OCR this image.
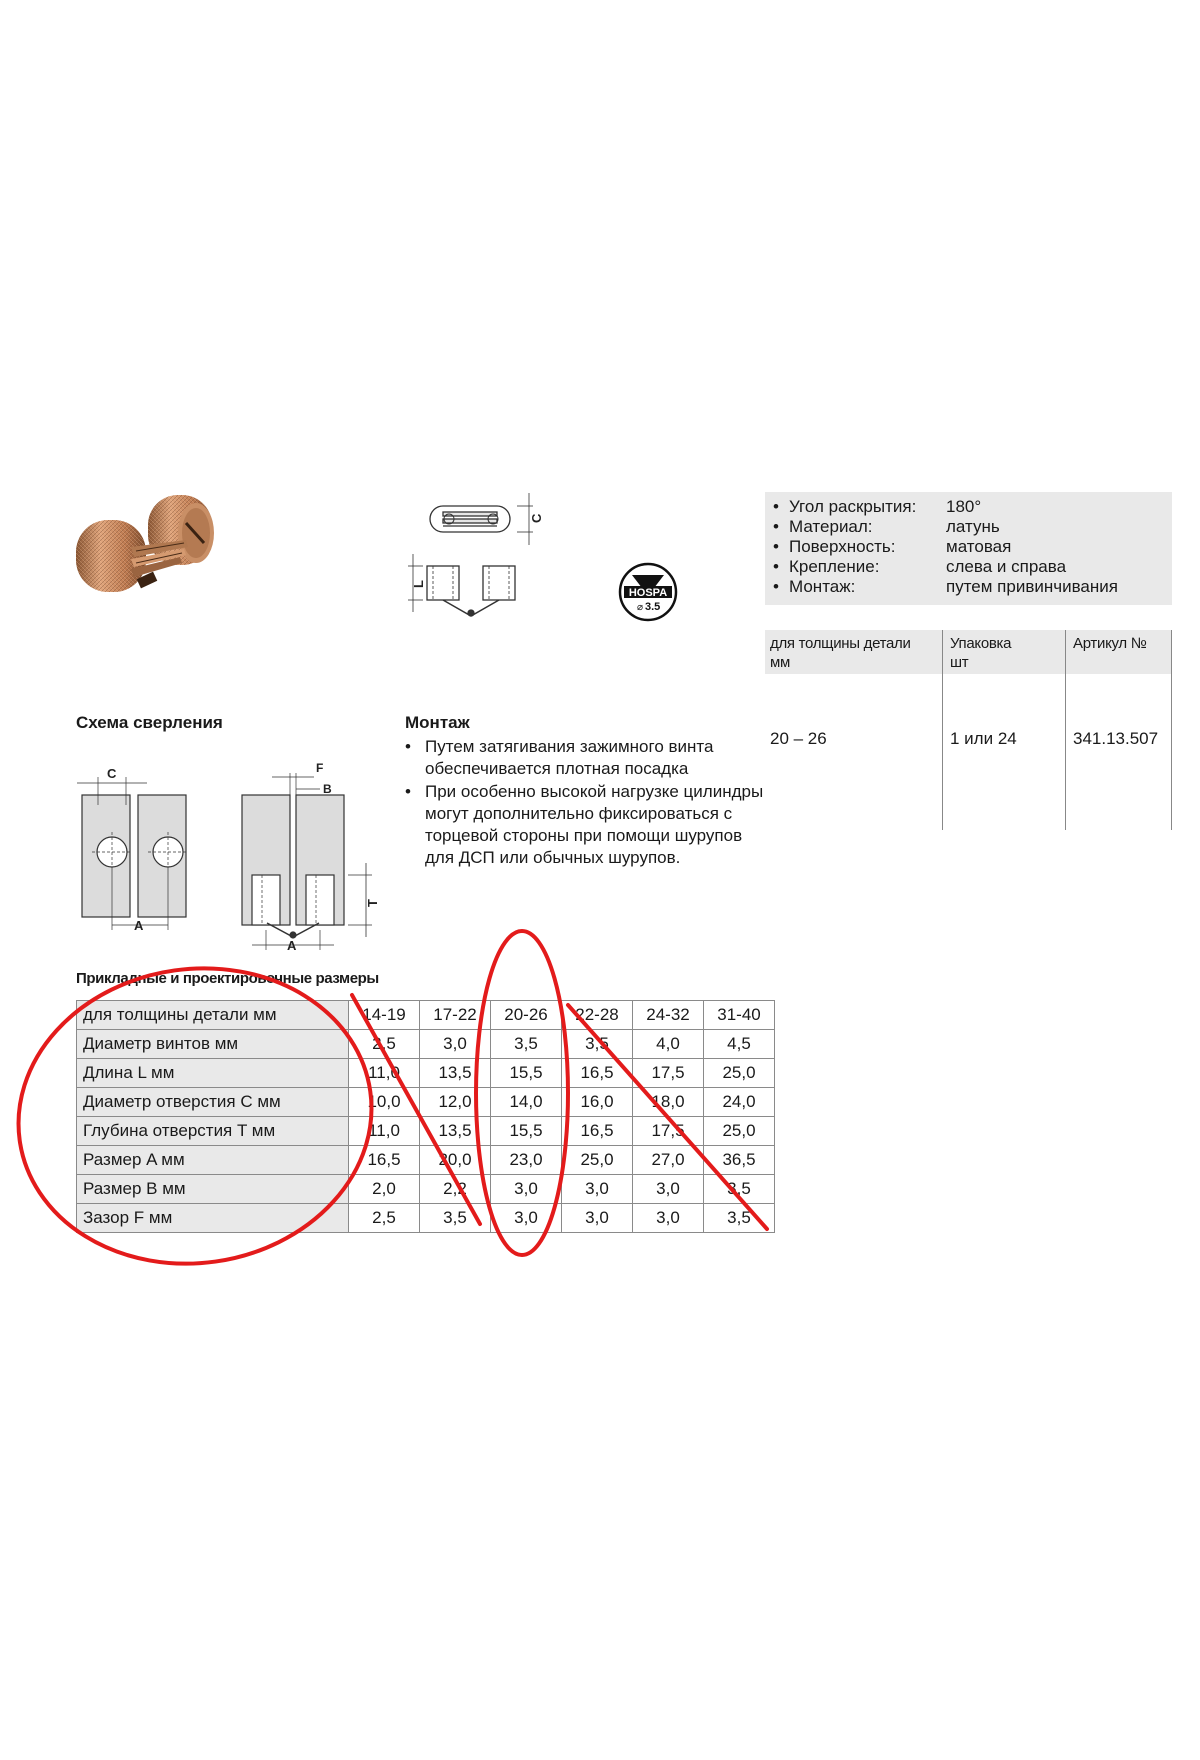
C
L
HOSPA
⌀ 3.5
• Угол раскрытия: 180°
• Материал:	латунь
• Поверхность:	матовая
• Крепление:	слева и справа
• Монтаж:	путем привинчивания
для толщины детали
мм
Упаковка
шт
Артикул №
20 – 26	1 или 24	341.13.507
Схема сверления
C
A
F
B
T
A
Монтаж
• Путем затягивания зажимного винта обеспечивается плотная посадка
• При особенно высокой нагрузке цилиндры могут дополнительно фиксироваться с торцевой стороны при помощи шурупов для ДСП или обычных шурупов.
Прикладные и проектировочные размеры
для толщины детали мм	14-19	17-22	20-26	22-28	24-32	31-40
Диаметр винтов мм	2,5	3,0	3,5	3,5	4,0	4,5
Длина L мм	11,0	13,5	15,5	16,5	17,5	25,0
Диаметр отверстия C мм	10,0	12,0	14,0	16,0	18,0	24,0
Глубина отверстия T мм	11,0	13,5	15,5	16,5	17,5	25,0
Размер A мм	16,5	20,0	23,0	25,0	27,0	36,5
Размер B мм	2,0	2,2	3,0	3,0	3,0	3,5
Зазор F мм	2,5	3,5	3,0	3,0	3,0	3,5
